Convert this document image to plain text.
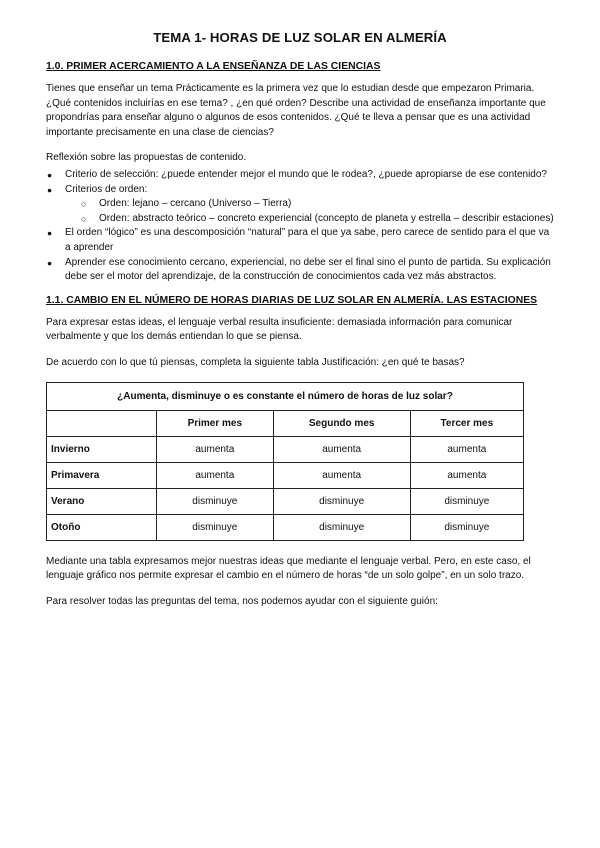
TEMA 1- HORAS DE LUZ SOLAR EN ALMERÍA
1.0. PRIMER ACERCAMIENTO A LA ENSEÑANZA DE LAS CIENCIAS

Tienes que enseñar un tema Prácticamente es la primera vez que lo estudian desde que empezaron Primaria. ¿Qué contenidos incluirías en ese tema? , ¿en qué orden? Describe una actividad de enseñanza importante que propondrías para enseñar alguno o algunos de esos contenidos. ¿Qué te lleva a pensar que es una actividad importante precisamente en una clase de ciencias?

Reflexión sobre las propuestas de contenido.

● Criterio de selección: ¿puede entender mejor el mundo que le rodea?, ¿puede apropiarse de ese contenido?
● Criterios de orden:
○ Orden: lejano – cercano (Universo – Tierra)
○ Orden: abstracto teórico – concreto experiencial (concepto de planeta y estrella – describir estaciones)
● El orden “lógico” es una descomposición “natural” para el que ya sabe, pero carece de sentido para el que va a aprender
● Aprender ese conocimiento cercano, experiencial, no debe ser el final sino el punto de partida. Su explicación debe ser el motor del aprendizaje, de la construcción de conocimientos cada vez más abstractos.
1.1. CAMBIO EN EL NÚMERO DE HORAS DIARIAS DE LUZ SOLAR EN ALMERÍA. LAS ESTACIONES

Para expresar estas ideas, el lenguaje verbal resulta insuficiente: demasiada información para comunicar verbalmente y que los demás entiendan lo que se piensa.

De acuerdo con lo que tú piensas, completa la siguiente tabla Justificación: ¿en qué te basas?

¿Aumenta, disminuye o es constante el número de horas de luz solar?			
	Primer mes	Segundo mes	Tercer mes
Invierno	aumenta	aumenta	aumenta
Primavera	aumenta	aumenta	aumenta
Verano	disminuye	disminuye	disminuye
Otoño	disminuye	disminuye	disminuye

Mediante una tabla expresamos mejor nuestras ideas que mediante el lenguaje verbal. Pero, en este caso, el lenguaje gráfico nos permite expresar el cambio en el número de horas “de un solo golpe”, en un solo trazo.

Para resolver todas las preguntas del tema, nos podemos ayudar con el siguiente guión:
